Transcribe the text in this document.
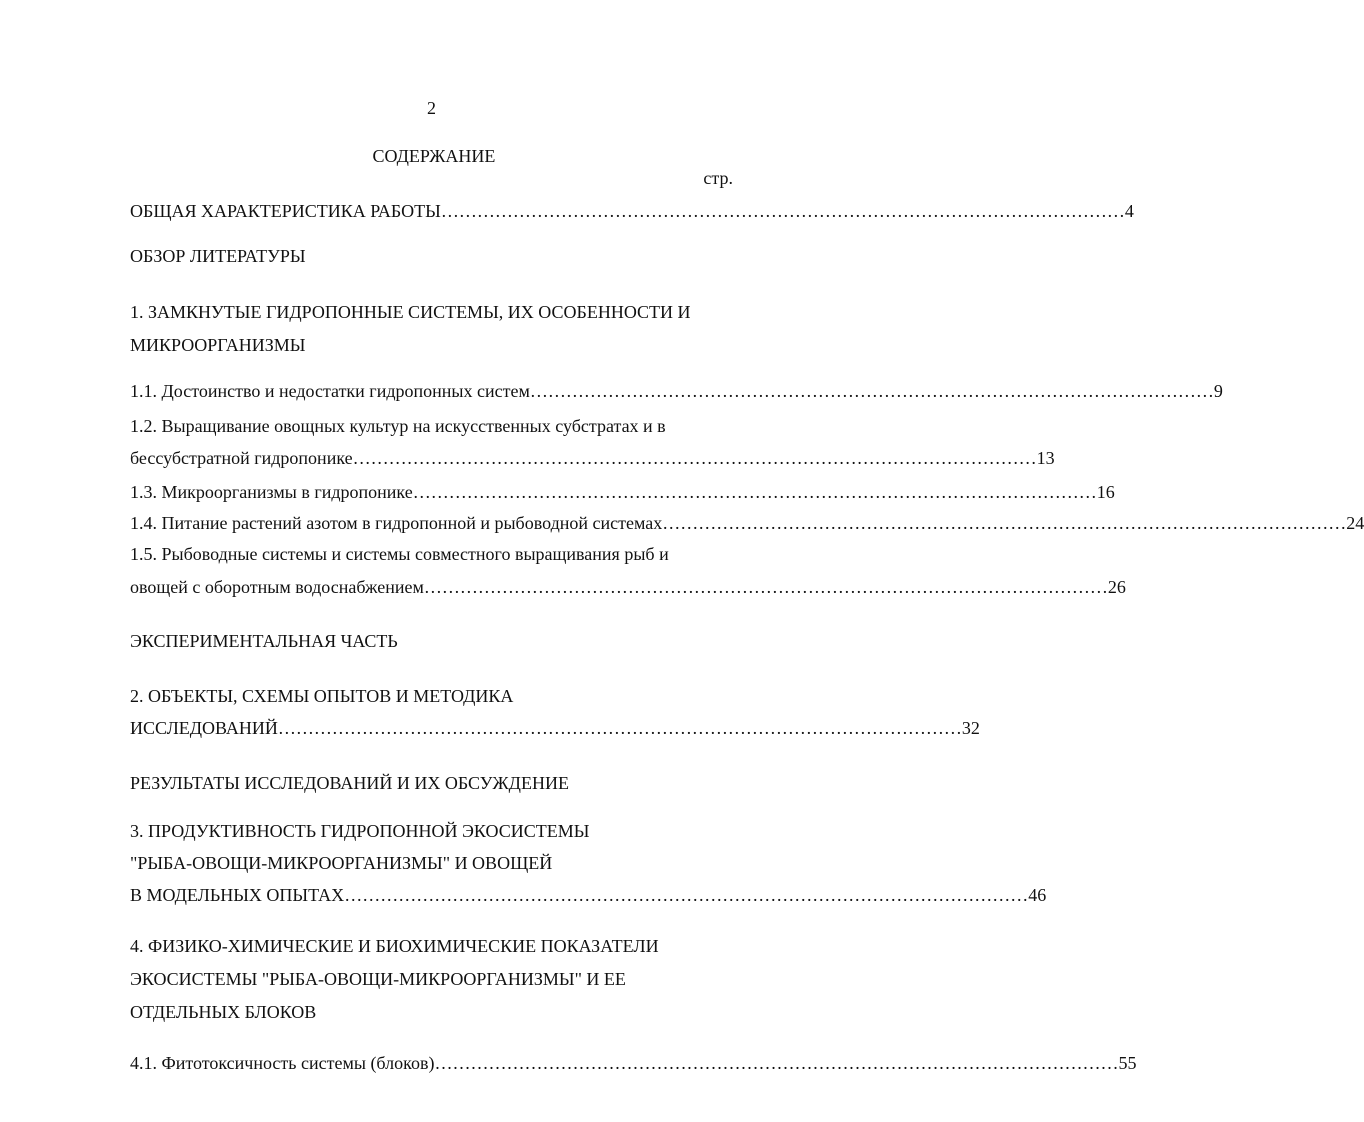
2
СОДЕРЖАНИЕ
стр.
ОБЩАЯ ХАРАКТЕРИСТИКА РАБОТЫ …………………………………………………………………………………………………… 4
ОБЗОР ЛИТЕРАТУРЫ
1. ЗАМКНУТЫЕ ГИДРОПОННЫЕ СИСТЕМЫ, ИХ ОСОБЕННОСТИ И
МИКРООРГАНИЗМЫ
1.1. Достоинство и недостатки гидропонных систем …………………………………………………………………………………………………… 9
1.2. Выращивание овощных культур на искусственных субстратах и в
бессубстратной гидропонике …………………………………………………………………………………………………… 13
1.3. Микроорганизмы в гидропонике …………………………………………………………………………………………………… 16
1.4. Питание растений азотом в гидропонной и рыбоводной системах …………………………………………………………………………………………………… 24
1.5. Рыбоводные системы и системы совместного выращивания рыб и
овощей с оборотным водоснабжением …………………………………………………………………………………………………… 26
ЭКСПЕРИМЕНТАЛЬНАЯ ЧАСТЬ
2. ОБЪЕКТЫ, СХЕМЫ ОПЫТОВ И МЕТОДИКА
ИССЛЕДОВАНИЙ …………………………………………………………………………………………………… 32
РЕЗУЛЬТАТЫ ИССЛЕДОВАНИЙ И ИХ ОБСУЖДЕНИЕ
3. ПРОДУКТИВНОСТЬ ГИДРОПОННОЙ ЭКОСИСТЕМЫ
"РЫБА-ОВОЩИ-МИКРООРГАНИЗМЫ" И ОВОЩЕЙ
В МОДЕЛЬНЫХ ОПЫТАХ …………………………………………………………………………………………………… 46
4. ФИЗИКО-ХИМИЧЕСКИЕ И БИОХИМИЧЕСКИЕ ПОКАЗАТЕЛИ
ЭКОСИСТЕМЫ "РЫБА-ОВОЩИ-МИКРООРГАНИЗМЫ" И ЕЕ
ОТДЕЛЬНЫХ БЛОКОВ
4.1. Фитотоксичность системы (блоков) …………………………………………………………………………………………………… 55
